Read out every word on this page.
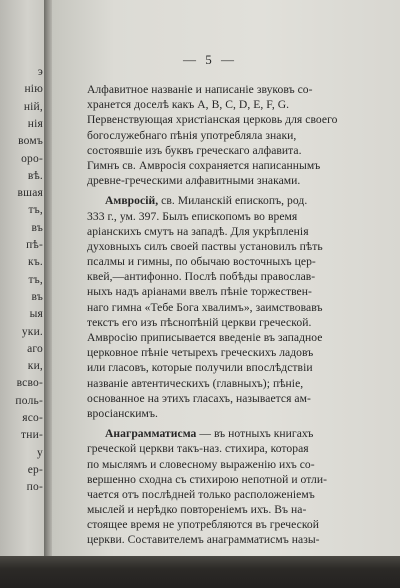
э
нію
ній,
нія
вомъ
оро-
вѣ.
вшая
тъ,
въ
пѣ-
къ.
тъ,
въ
ыя
уки.
аго
ки,
всво-
поль-
ясо-
тни-
у
ер-
по-
— 5 —
Алфавитное названіе и написаніе звуковъ со-
хранется доселѣ какъ A, B, C, D, E, F, G.
Первенствующая христіанская церковь для своего
богослужебнаго пѣнія употребляла знаки,
состоявшіе изъ буквъ греческаго алфавита.
Гимнъ св. Амвросія сохраняется написаннымъ
древне-греческими алфавитными знаками.
Амвросій, св. Миланскій епископъ, род.
333 г., ум. 397. Былъ епископомъ во время
аріанскихъ смутъ на западѣ. Для укрѣпленія
духовныхъ силъ своей паствы установилъ пѣть
псалмы и гимны, по обычаю восточныхъ цер-
квей,—антифонно. Послѣ побѣды православ-
ныхъ надъ аріанами ввелъ пѣніе торжествен-
наго гимна «Тебе Бога хвалимъ», заимствовавъ
текстъ его изъ пѣснопѣній церкви греческой.
Амвросію приписывается введеніе въ западное
церковное пѣніе четырехъ греческихъ ладовъ
или гласовъ, которые получили впослѣдствіи
названіе автентическихъ (главныхъ); пѣніе,
основанное на этихъ гласахъ, называется ам-
вросіанскимъ.
Анаграмматисма — въ нотныхъ книгахъ
греческой церкви такъ-наз. стихира, которая
по мыслямъ и словесному выраженію ихъ со-
вершенно сходна съ стихирою непотной и отли-
чается отъ послѣдней только расположеніемъ
мыслей и нерѣдко повтореніемъ ихъ. Въ на-
стоящее время не употребляются въ греческой
церкви. Составителемъ анаграмматисмъ назы-
